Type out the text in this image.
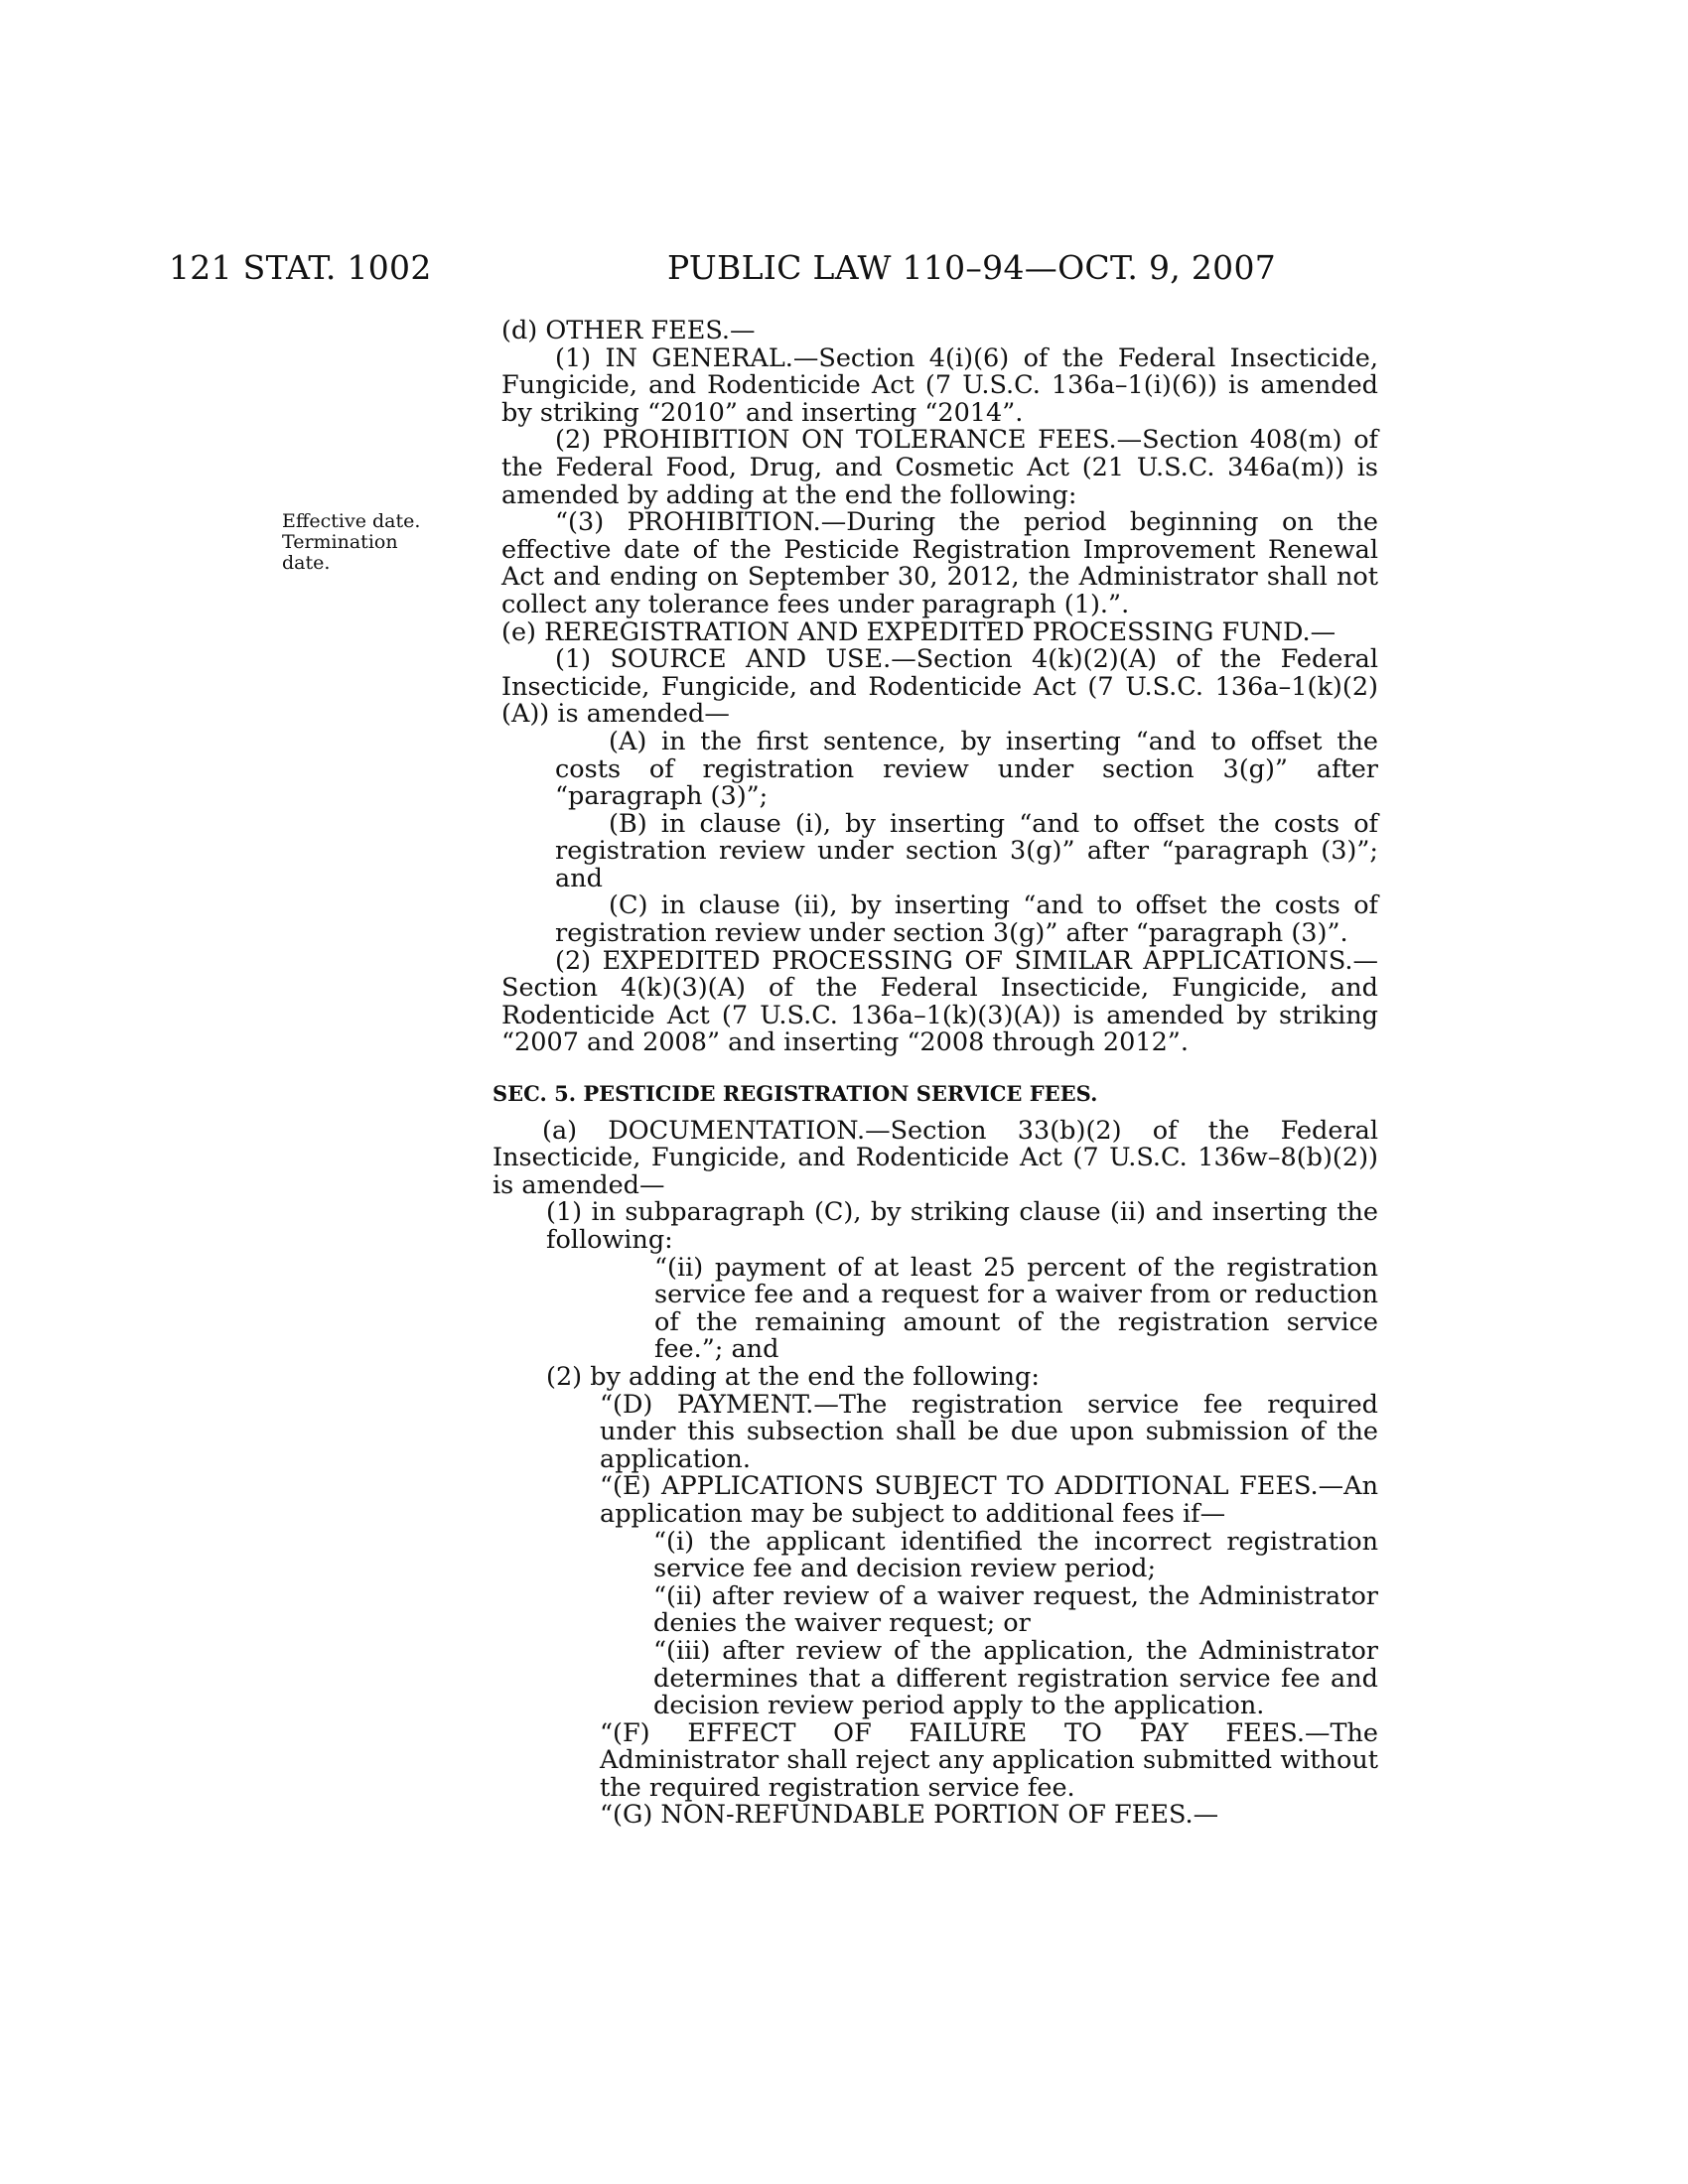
121 STAT. 1002	PUBLIC LAW 110–94—OCT. 9, 2007
Effective date.
Termination date.

(d) OTHER FEES.—

(1) IN GENERAL.—Section 4(i)(6) of the Federal Insecticide, Fungicide, and Rodenticide Act (7 U.S.C. 136a–1(i)(6)) is amended by striking “2010” and inserting “2014”.

(2) PROHIBITION ON TOLERANCE FEES.—Section 408(m) of the Federal Food, Drug, and Cosmetic Act (21 U.S.C. 346a(m)) is amended by adding at the end the following:

“(3) PROHIBITION.—During the period beginning on the effective date of the Pesticide Registration Improvement Renewal Act and ending on September 30, 2012, the Administrator shall not collect any tolerance fees under paragraph (1).”.

(e) REREGISTRATION AND EXPEDITED PROCESSING FUND.—

(1) SOURCE AND USE.—Section 4(k)(2)(A) of the Federal Insecticide, Fungicide, and Rodenticide Act (7 U.S.C. 136a–1(k)(2)(A)) is amended—

(A) in the first sentence, by inserting “and to offset the costs of registration review under section 3(g)” after “paragraph (3)”;

(B) in clause (i), by inserting “and to offset the costs of registration review under section 3(g)” after “paragraph (3)”; and

(C) in clause (ii), by inserting “and to offset the costs of registration review under section 3(g)” after “paragraph (3)”.

(2) EXPEDITED PROCESSING OF SIMILAR APPLICATIONS.—Section 4(k)(3)(A) of the Federal Insecticide, Fungicide, and Rodenticide Act (7 U.S.C. 136a–1(k)(3)(A)) is amended by striking “2007 and 2008” and inserting “2008 through 2012”.

SEC. 5. PESTICIDE REGISTRATION SERVICE FEES.

(a) DOCUMENTATION.—Section 33(b)(2) of the Federal Insecticide, Fungicide, and Rodenticide Act (7 U.S.C. 136w–8(b)(2)) is amended—

(1) in subparagraph (C), by striking clause (ii) and inserting the following:

“(ii) payment of at least 25 percent of the registration service fee and a request for a waiver from or reduction of the remaining amount of the registration service fee.”; and

(2) by adding at the end the following:

“(D) PAYMENT.—The registration service fee required under this subsection shall be due upon submission of the application.

“(E) APPLICATIONS SUBJECT TO ADDITIONAL FEES.—An application may be subject to additional fees if—

“(i) the applicant identified the incorrect registration service fee and decision review period;

“(ii) after review of a waiver request, the Administrator denies the waiver request; or

“(iii) after review of the application, the Administrator determines that a different registration service fee and decision review period apply to the application.

“(F) EFFECT OF FAILURE TO PAY FEES.—The Administrator shall reject any application submitted without the required registration service fee.

“(G) NON-REFUNDABLE PORTION OF FEES.—
